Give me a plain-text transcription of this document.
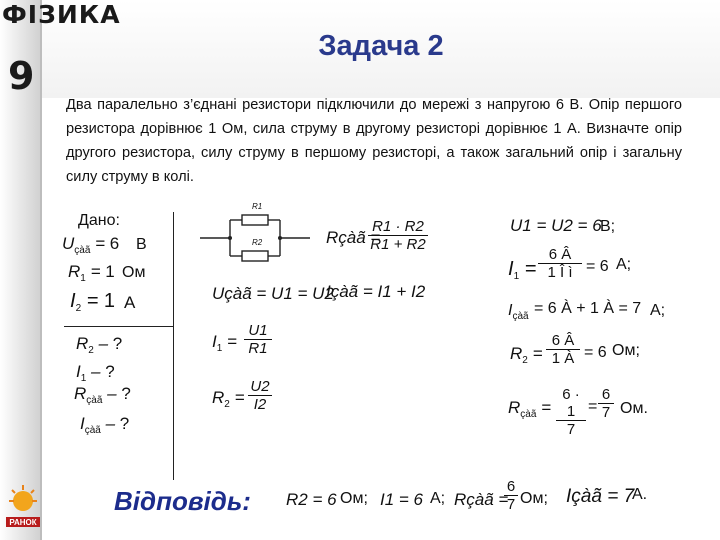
ФІЗИКА
9
Задача 2
Два паралельно з’єднані резистори підключили до мережі з напругою 6 В. Опір першого резистора дорівнює 1 Ом, сила струму в другому резисторі дорівнює 1 А. Визначте опір другого резистора, силу струму в першому резисторі, а також загальний опір і загальну силу струму в колі.
Дано:
$U_{çàã} = 6$ В
$R_1 = 1$ Ом
$I_2 = 1$ А
$R_2$ – ?
$I_1$ – ?
$R_{çàã}$ – ?
$I_{çàã}$ – ?
R1
R2
Uçàã = U1 = U2
Rçàã =
$\frac{R1 \cdot R2}{R1 + R2}$
Içàã = I1 + I2
$I_1 = \frac{U1}{R1}$
$R_2 = \frac{U2}{I2}$
U1 = U2 = 6
В;
$I_1 = \frac{6 Â}{\text{1 Î ì}} = 6$ А;
$I_{çàã} = 6$ À + 1 À = 7 А;
$R_2 = \frac{6 Â}{1 À} = 6$ Ом;
$R_{çàã} = \frac{6 \cdot 1}{7} = \frac{6}{7}$ Ом.
Відповідь: R2 = 6 Ом; I1 = 6 А; Rçàã =
$\frac{6}{7}$ Ом; Içàã = 7
А.
РАНОК
